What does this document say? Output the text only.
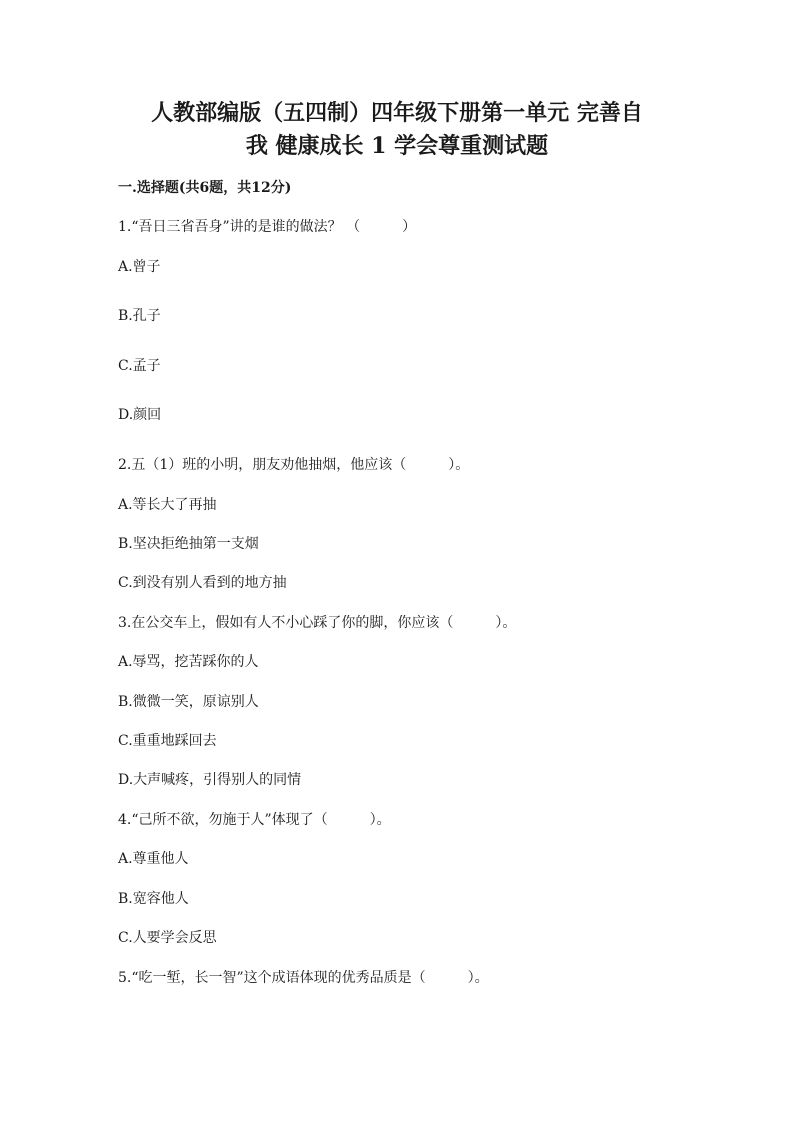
人教部编版（五四制）四年级下册第一单元 完善自
我 健康成长 1 学会尊重测试题
一.选择题(共6题，共12分)
1.“吾日三省吾身”讲的是谁的做法？ （　　　）
A.曾子
B.孔子
C.孟子
D.颜回
2.五（1）班的小明，朋友劝他抽烟，他应该（　　　）。
A.等长大了再抽
B.坚决拒绝抽第一支烟
C.到没有别人看到的地方抽
3.在公交车上，假如有人不小心踩了你的脚，你应该（　　　）。
A.辱骂，挖苦踩你的人
B.微微一笑，原谅别人
C.重重地踩回去
D.大声喊疼，引得别人的同情
4.“己所不欲，勿施于人”体现了（　　　）。
A.尊重他人
B.宽容他人
C.人要学会反思
5.“吃一堑，长一智”这个成语体现的优秀品质是（　　　）。
